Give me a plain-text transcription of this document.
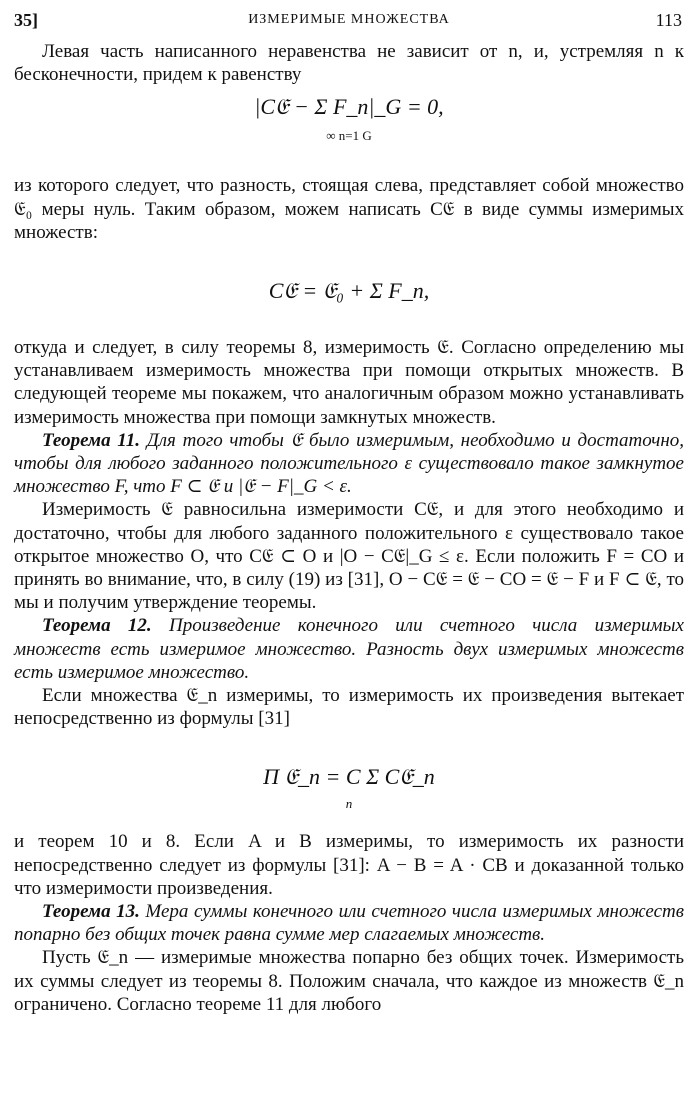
35]	ИЗМЕРИМЫЕ МНОЖЕСТВА	113

Левая часть написанного неравенства не зависит от n, и, устремляя n к бесконечности, придем к равенству

|C𝔈 − Σ F_n|_G = 0,
∞ n=1 G

из которого следует, что разность, стоящая слева, представляет собой множество 𝔈₀ меры нуль. Таким образом, можем написать C𝔈 в виде суммы измеримых множеств:

C𝔈 = 𝔈₀ + Σ F_n,

откуда и следует, в силу теоремы 8, измеримость 𝔈. Согласно определению мы устанавливаем измеримость множества при помощи открытых множеств. В следующей теореме мы покажем, что аналогичным образом можно устанавливать измеримость множества при помощи замкнутых множеств.

Теорема 11. Для того чтобы 𝔈 было измеримым, необходимо и достаточно, чтобы для любого заданного положительного ε существовало такое замкнутое множество F, что F ⊂ 𝔈 и |𝔈 − F|_G < ε.

Измеримость 𝔈 равносильна измеримости C𝔈, и для этого необходимо и достаточно, чтобы для любого заданного положительного ε существовало такое открытое множество O, что C𝔈 ⊂ O и |O − C𝔈|_G ≤ ε. Если положить F = CO и принять во внимание, что, в силу (19) из [31], O − C𝔈 = 𝔈 − CO = 𝔈 − F и F ⊂ 𝔈, то мы и получим утверждение теоремы.

Теорема 12. Произведение конечного или счетного числа измеримых множеств есть измеримое множество. Разность двух измеримых множеств есть измеримое множество.

Если множества 𝔈_n измеримы, то измеримость их произведения вытекает непосредственно из формулы [31]

Π 𝔈_n = C Σ C𝔈_n
n

и теорем 10 и 8. Если A и B измеримы, то измеримость их разности непосредственно следует из формулы [31]: A − B = A · CB и доказанной только что измеримости произведения.

Теорема 13. Мера суммы конечного или счетного числа измеримых множеств попарно без общих точек равна сумме мер слагаемых множеств.

Пусть 𝔈_n — измеримые множества попарно без общих точек. Измеримость их суммы следует из теоремы 8. Положим сначала, что каждое из множеств 𝔈_n ограничено. Согласно теореме 11 для любого
